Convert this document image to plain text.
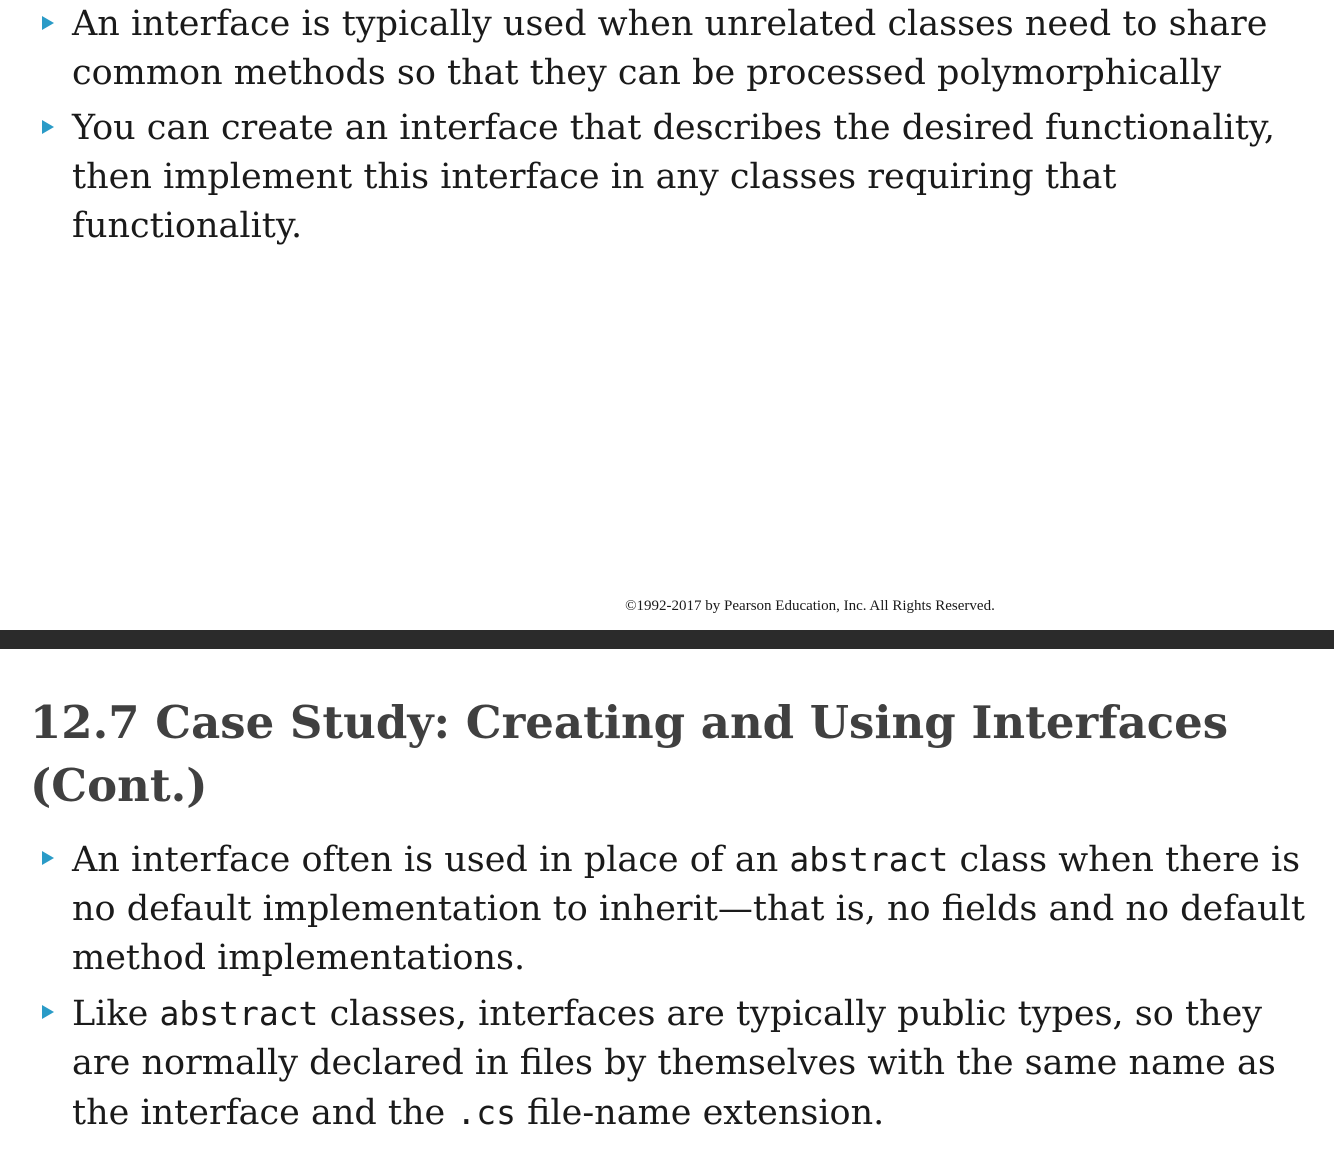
An interface is typically used when unrelated classes need to share common methods so that they can be processed polymorphically
You can create an interface that describes the desired functionality, then implement this interface in any classes requiring that functionality.
©1992-2017 by Pearson Education, Inc. All Rights Reserved.
12.7 Case Study: Creating and Using Interfaces (Cont.)
An interface often is used in place of an abstract class when there is no default implementation to inherit—that is, no fields and no default method implementations.
Like abstract classes, interfaces are typically public types, so they are normally declared in files by themselves with the same name as the interface and the .cs file-name extension.
